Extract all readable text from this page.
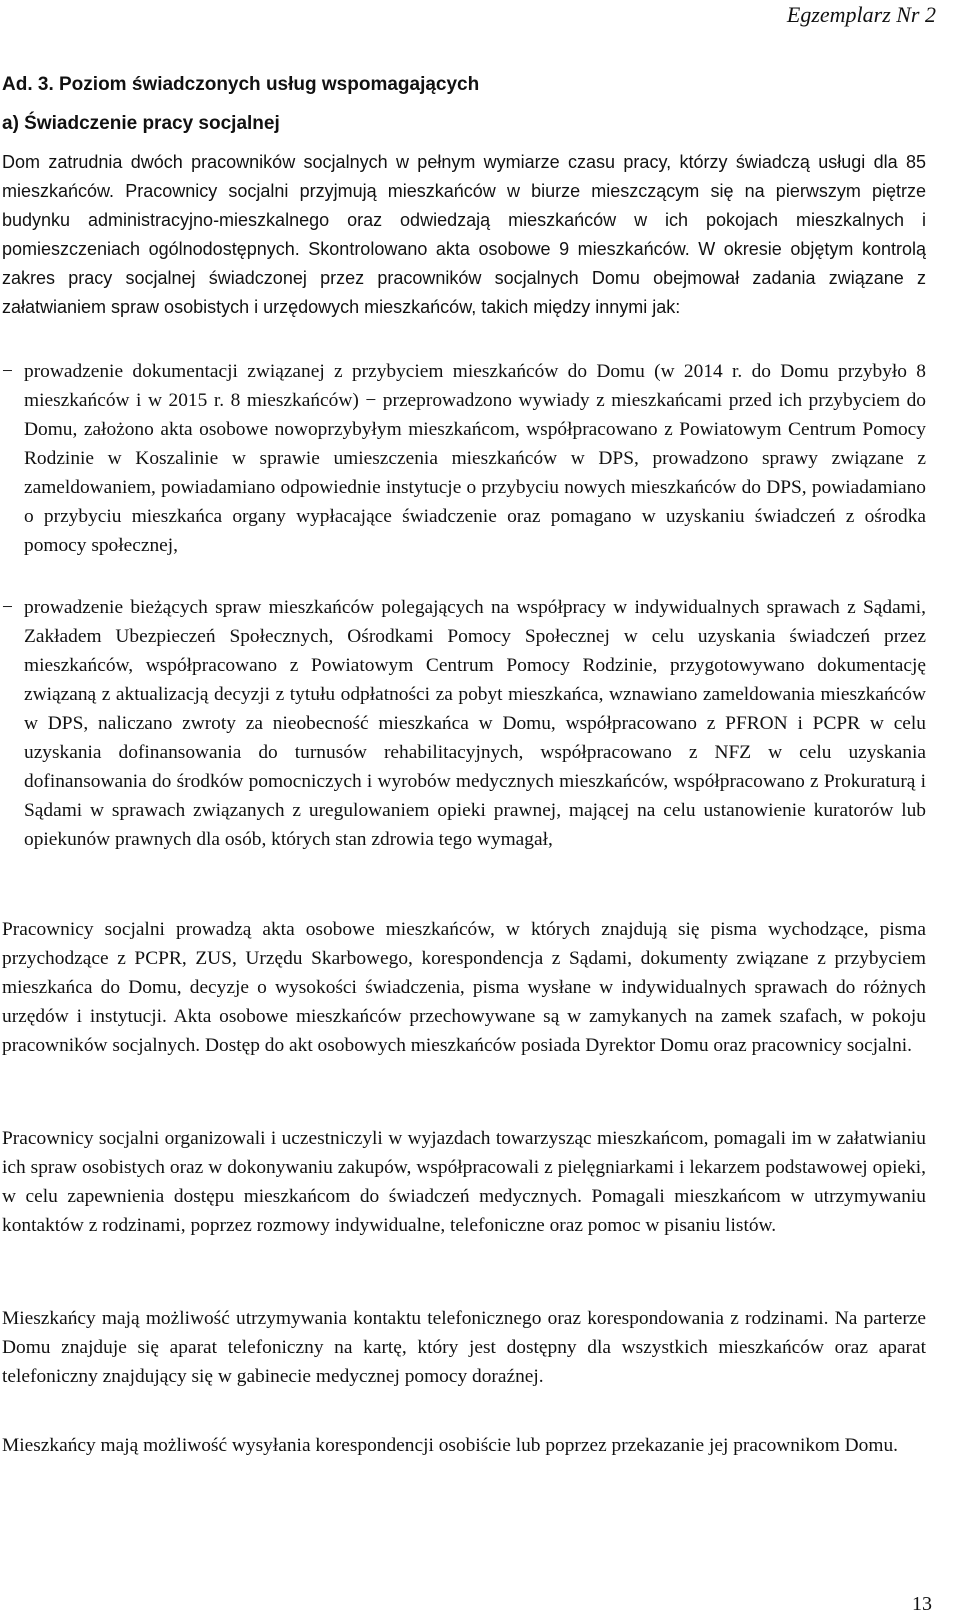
Egzemplarz Nr 2
Ad. 3. Poziom świadczonych usług wspomagających
a) Świadczenie pracy socjalnej

Dom zatrudnia dwóch pracowników socjalnych w pełnym wymiarze czasu pracy, którzy świadczą usługi dla 85 mieszkańców. Pracownicy socjalni przyjmują mieszkańców w biurze mieszczącym się na pierwszym piętrze budynku administracyjno-mieszkalnego oraz odwiedzają mieszkańców w ich pokojach mieszkalnych i pomieszczeniach ogólnodostępnych. Skontrolowano akta osobowe 9 mieszkańców. W okresie objętym kontrolą zakres pracy socjalnej świadczonej przez pracowników socjalnych Domu obejmował zadania związane z załatwianiem spraw osobistych i urzędowych mieszkańców, takich między innymi jak:

− prowadzenie dokumentacji związanej z przybyciem mieszkańców do Domu (w 2014 r. do Domu przybyło 8 mieszkańców i w 2015 r. 8 mieszkańców) − przeprowadzono wywiady z mieszkańcami przed ich przybyciem do Domu, założono akta osobowe nowoprzybyłym mieszkańcom, współpracowano z Powiatowym Centrum Pomocy Rodzinie w Koszalinie w sprawie umieszczenia mieszkańców w DPS, prowadzono sprawy związane z zameldowaniem, powiadamiano odpowiednie instytucje o przybyciu nowych mieszkańców do DPS, powiadamiano o przybyciu mieszkańca organy wypłacające świadczenie oraz pomagano w uzyskaniu świadczeń z ośrodka pomocy społecznej,
− prowadzenie bieżących spraw mieszkańców polegających na współpracy w indywidualnych sprawach z Sądami, Zakładem Ubezpieczeń Społecznych, Ośrodkami Pomocy Społecznej w celu uzyskania świadczeń przez mieszkańców, współpracowano z Powiatowym Centrum Pomocy Rodzinie, przygotowywano dokumentację związaną z aktualizacją decyzji z tytułu odpłatności za pobyt mieszkańca, wznawiano zameldowania mieszkańców w DPS, naliczano zwroty za nieobecność mieszkańca w Domu, współpracowano z PFRON i PCPR w celu uzyskania dofinansowania do turnusów rehabilitacyjnych, współpracowano z NFZ w celu uzyskania dofinansowania do środków pomocniczych i wyrobów medycznych mieszkańców, współpracowano z Prokuraturą i Sądami w sprawach związanych z uregulowaniem opieki prawnej, mającej na celu ustanowienie kuratorów lub opiekunów prawnych dla osób, których stan zdrowia tego wymagał,

Pracownicy socjalni prowadzą akta osobowe mieszkańców, w których znajdują się pisma wychodzące, pisma przychodzące z PCPR, ZUS, Urzędu Skarbowego, korespondencja z Sądami, dokumenty związane z przybyciem mieszkańca do Domu, decyzje o wysokości świadczenia, pisma wysłane w indywidualnych sprawach do różnych urzędów i instytucji. Akta osobowe mieszkańców przechowywane są w zamykanych na zamek szafach, w pokoju pracowników socjalnych. Dostęp do akt osobowych mieszkańców posiada Dyrektor Domu oraz pracownicy socjalni.

Pracownicy socjalni organizowali i uczestniczyli w wyjazdach towarzysząc mieszkańcom, pomagali im w załatwianiu ich spraw osobistych oraz w dokonywaniu zakupów, współpracowali z pielęgniarkami i lekarzem podstawowej opieki, w celu zapewnienia dostępu mieszkańcom do świadczeń medycznych. Pomagali mieszkańcom w utrzymywaniu kontaktów z rodzinami, poprzez rozmowy indywidualne, telefoniczne oraz pomoc w pisaniu listów.

Mieszkańcy mają możliwość utrzymywania kontaktu telefonicznego oraz korespondowania z rodzinami. Na parterze Domu znajduje się aparat telefoniczny na kartę, który jest dostępny dla wszystkich mieszkańców oraz aparat telefoniczny znajdujący się w gabinecie medycznej pomocy doraźnej.

Mieszkańcy mają możliwość wysyłania korespondencji osobiście lub poprzez przekazanie jej pracownikom Domu.

13
